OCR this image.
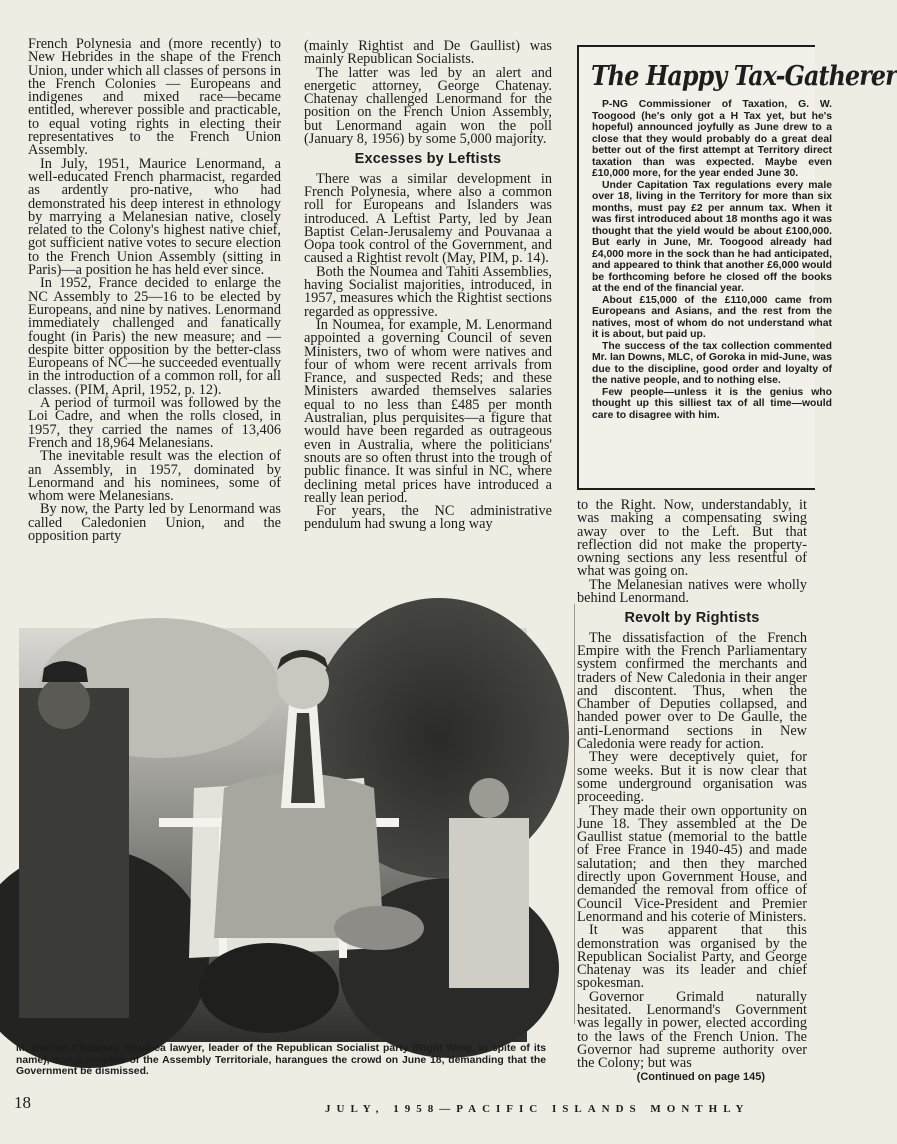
French Polynesia and (more recently) to New Hebrides in the shape of the French Union, under which all classes of persons in the French Colonies — Europeans and indigenes and mixed race—became entitled, wherever possible and practicable, to equal voting rights in electing their representatives to the French Union Assembly.

In July, 1951, Maurice Lenormand, a well-educated French pharmacist, regarded as ardently pro-native, who had demonstrated his deep interest in ethnology by marrying a Melanesian native, closely related to the Colony's highest native chief, got sufficient native votes to secure election to the French Union Assembly (sitting in Paris)—a position he has held ever since.

In 1952, France decided to enlarge the NC Assembly to 25—16 to be elected by Europeans, and nine by natives. Lenormand immediately challenged and fanatically fought (in Paris) the new measure; and —despite bitter opposition by the better-class Europeans of NC—he succeeded eventually in the introduction of a common roll, for all classes. (PIM, April, 1952, p. 12).

A period of turmoil was followed by the Loi Cadre, and when the rolls closed, in 1957, they carried the names of 13,406 French and 18,964 Melanesians.

The inevitable result was the election of an Assembly, in 1957, dominated by Lenormand and his nominees, some of whom were Melanesians.

By now, the Party led by Lenormand was called Caledonien Union, and the opposition party

(mainly Rightist and De Gaullist) was mainly Republican Socialists.

The latter was led by an alert and energetic attorney, George Chatenay. Chatenay challenged Lenormand for the position on the French Union Assembly, but Lenormand again won the poll (January 8, 1956) by some 5,000 majority.

Excesses by Leftists

There was a similar development in French Polynesia, where also a common roll for Europeans and Islanders was introduced. A Leftist Party, led by Jean Baptist Celan-Jerusalemy and Pouvanaa a Oopa took control of the Government, and caused a Rightist revolt (May, PIM, p. 14).

Both the Noumea and Tahiti Assemblies, having Socialist majorities, introduced, in 1957, measures which the Rightist sections regarded as oppressive.

In Noumea, for example, M. Lenormand appointed a governing Council of seven Ministers, two of whom were natives and four of whom were recent arrivals from France, and suspected Reds; and these Ministers awarded themselves salaries equal to no less than £485 per month Australian, plus perquisites—a figure that would have been regarded as outrageous even in Australia, where the politicians' snouts are so often thrust into the trough of public finance. It was sinful in NC, where declining metal prices have introduced a really lean period.

For years, the NC administrative pendulum had swung a long way

The Happy Tax-Gatherer

P-NG Commissioner of Taxation, G. W. Toogood (he's only got a H Tax yet, but he's hopeful) announced joyfully as June drew to a close that they would probably do a great deal better out of the first attempt at Territory direct taxation than was expected. Maybe even £10,000 more, for the year ended June 30.

Under Capitation Tax regulations every male over 18, living in the Territory for more than six months, must pay £2 per annum tax. When it was first introduced about 18 months ago it was thought that the yield would be about £100,000. But early in June, Mr. Toogood already had £4,000 more in the sock than he had anticipated, and appeared to think that another £6,000 would be forthcoming before he closed off the books at the end of the financial year.

About £15,000 of the £110,000 came from Europeans and Asians, and the rest from the natives, most of whom do not understand what it is about, but paid up.

The success of the tax collection commented Mr. Ian Downs, MLC, of Goroka in mid-June, was due to the discipline, good order and loyalty of the native people, and to nothing else.

Few people—unless it is the genius who thought up this silliest tax of all time—would care to disagree with him.

to the Right. Now, understandably, it was making a compensating swing away over to the Left. But that reflection did not make the property-owning sections any less resentful of what was going on.

The Melanesian natives were wholly behind Lenormand.

Revolt by Rightists

The dissatisfaction of the French Empire with the French Parliamentary system confirmed the merchants and traders of New Caledonia in their anger and discontent. Thus, when the Chamber of Deputies collapsed, and handed power over to De Gaulle, the anti-Lenormand sections in New Caledonia were ready for action.

They were deceptively quiet, for some weeks. But it is now clear that some underground organisation was proceeding.

They made their own opportunity on June 18. They assembled at the De Gaullist statue (memorial to the battle of Free France in 1940-45) and made salutation; and then they marched directly upon Government House, and demanded the removal from office of Council Vice-President and Premier Lenormand and his coterie of Ministers.

It was apparent that this demonstration was organised by the Republican Socialist Party, and George Chatenay was its leader and chief spokesman.

Governor Grimald naturally hesitated. Lenormand's Government was legally in power, elected according to the laws of the French Union. The Governor had supreme authority over the Colony; but was

(Continued on page 145)
M. George Chatenay, Noumea lawyer, leader of the Republican Socialist party (Right Wing, in spite of its name), and a member of the Assembly Territoriale, harangues the crowd on June 18, demanding that the Government be dismissed.
18	JULY, 1958—PACIFIC ISLANDS MONTHLY
